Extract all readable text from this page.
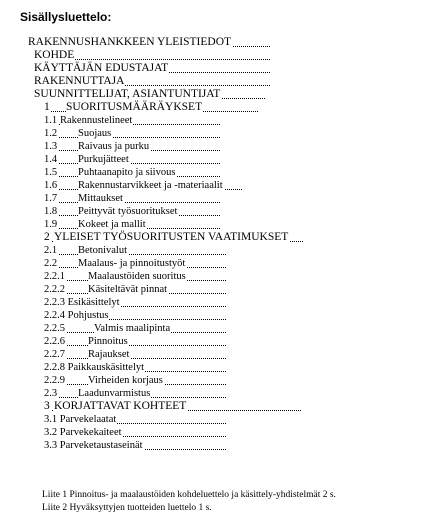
Sisällysluettelo:
RAKENNUSHANKKEEN YLEISTIEDOT
KOHDE
KÄYTTÄJÄN EDUSTAJAT
RAKENNUTTAJA
SUUNNITTELIJAT, ASIANTUNTIJAT
1 SUORITUSMÄÄRÄYKSET
1.1 Rakennustelineet
1.2 Suojaus
1.3 Raivaus ja purku
1.4 Purkujätteet
1.5 Puhtaanapito ja siivous
1.6 Rakennustarvikkeet ja -materiaalit
1.7 Mittaukset
1.8 Peittyvät työsuoritukset
1.9 Kokeet ja mallit
2 YLEISET TYÖSUORITUSTEN VAATIMUKSET
2.1 Betonivalut
2.2 Maalaus- ja pinnoitustyöt
2.2.1 Maalaustöiden suoritus
2.2.2 Käsiteltävät pinnat
2.2.3 Esikäsittelyt
2.2.4 Pohjustus
2.2.5	Valmis maalipinta
2.2.6 Pinnoitus
2.2.7 Rajaukset
2.2.8 Paikkauskäsittelyt
2.2.9 Virheiden korjaus
2.3 Laadunvarmistus
3 KORJATTAVAT KOHTEET
3.1 Parvekelaatat
3.2 Parvekekaiteet
3.3 Parveketaustaseinät
Liite 1 Pinnoitus- ja maalaustöiden kohdeluettelo ja käsittely-yhdistelmät 2 s.
Liite 2 Hyväksyttyjen tuotteiden luettelo 1 s.
